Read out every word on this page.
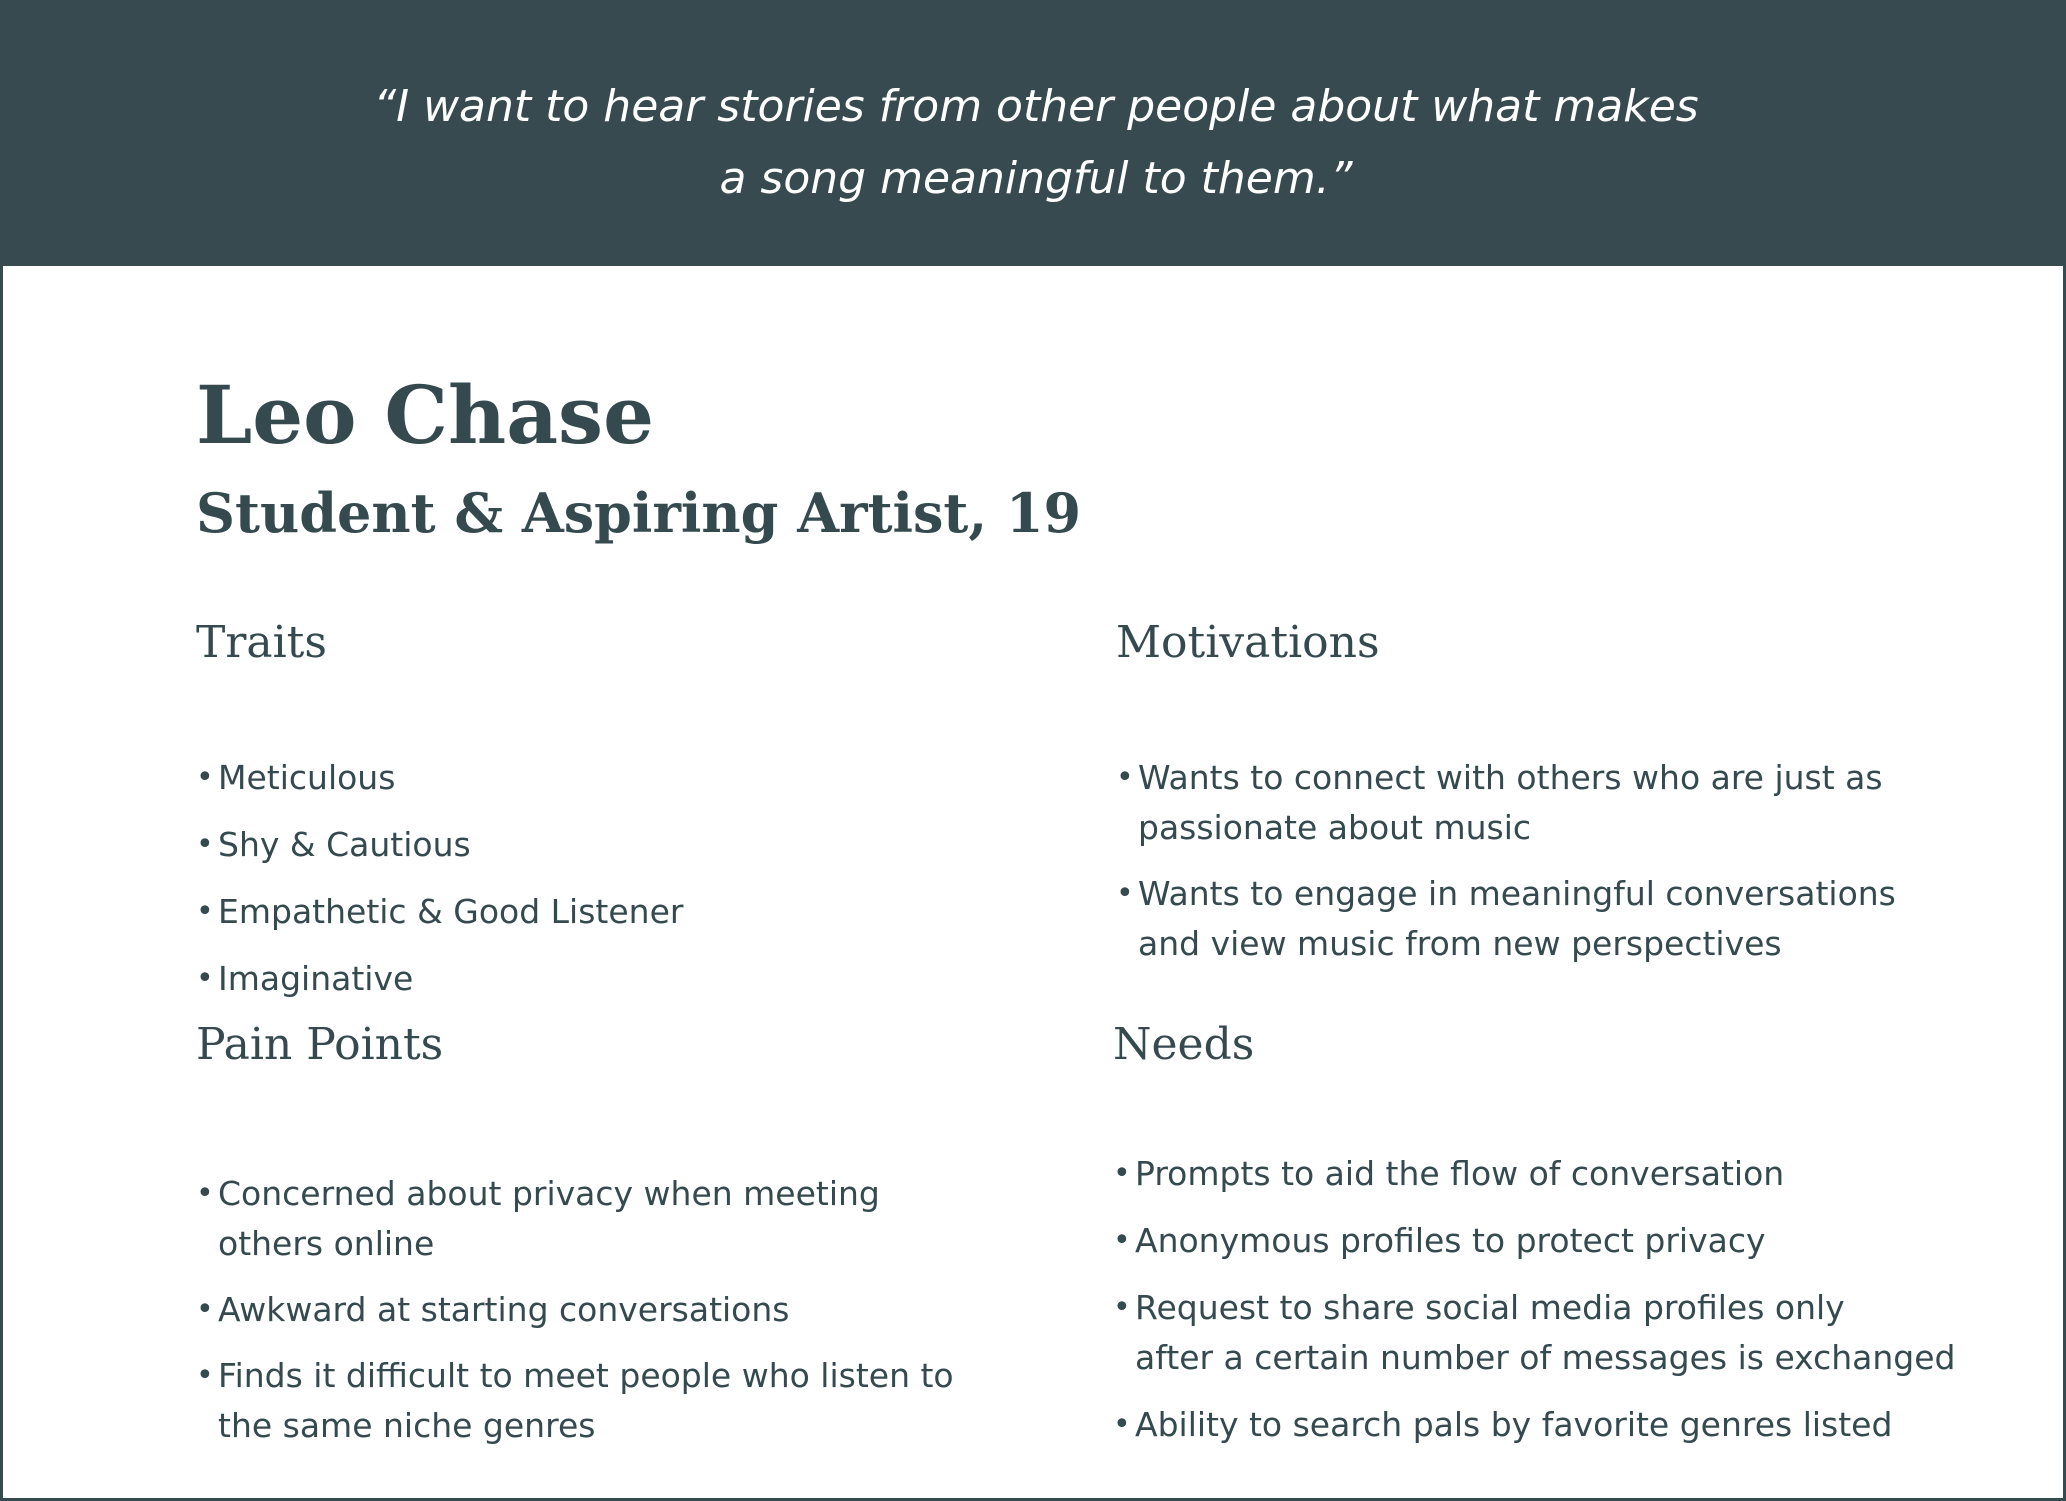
“I want to hear stories from other people about what makes
a song meaningful to them.”

Leo Chase
Student & Aspiring Artist, 19
Traits
• Meticulous
• Shy & Cautious
• Empathetic & Good Listener
• Imaginative
Motivations
• Wants to connect with others who are just as
passionate about music
• Wants to engage in meaningful conversations
and view music from new perspectives
Pain Points
• Concerned about privacy when meeting
others online
• Awkward at starting conversations
• Finds it difficult to meet people who listen to
the same niche genres
Needs
• Prompts to aid the flow of conversation
• Anonymous profiles to protect privacy
• Request to share social media profiles only
after a certain number of messages is exchanged
• Ability to search pals by favorite genres listed
